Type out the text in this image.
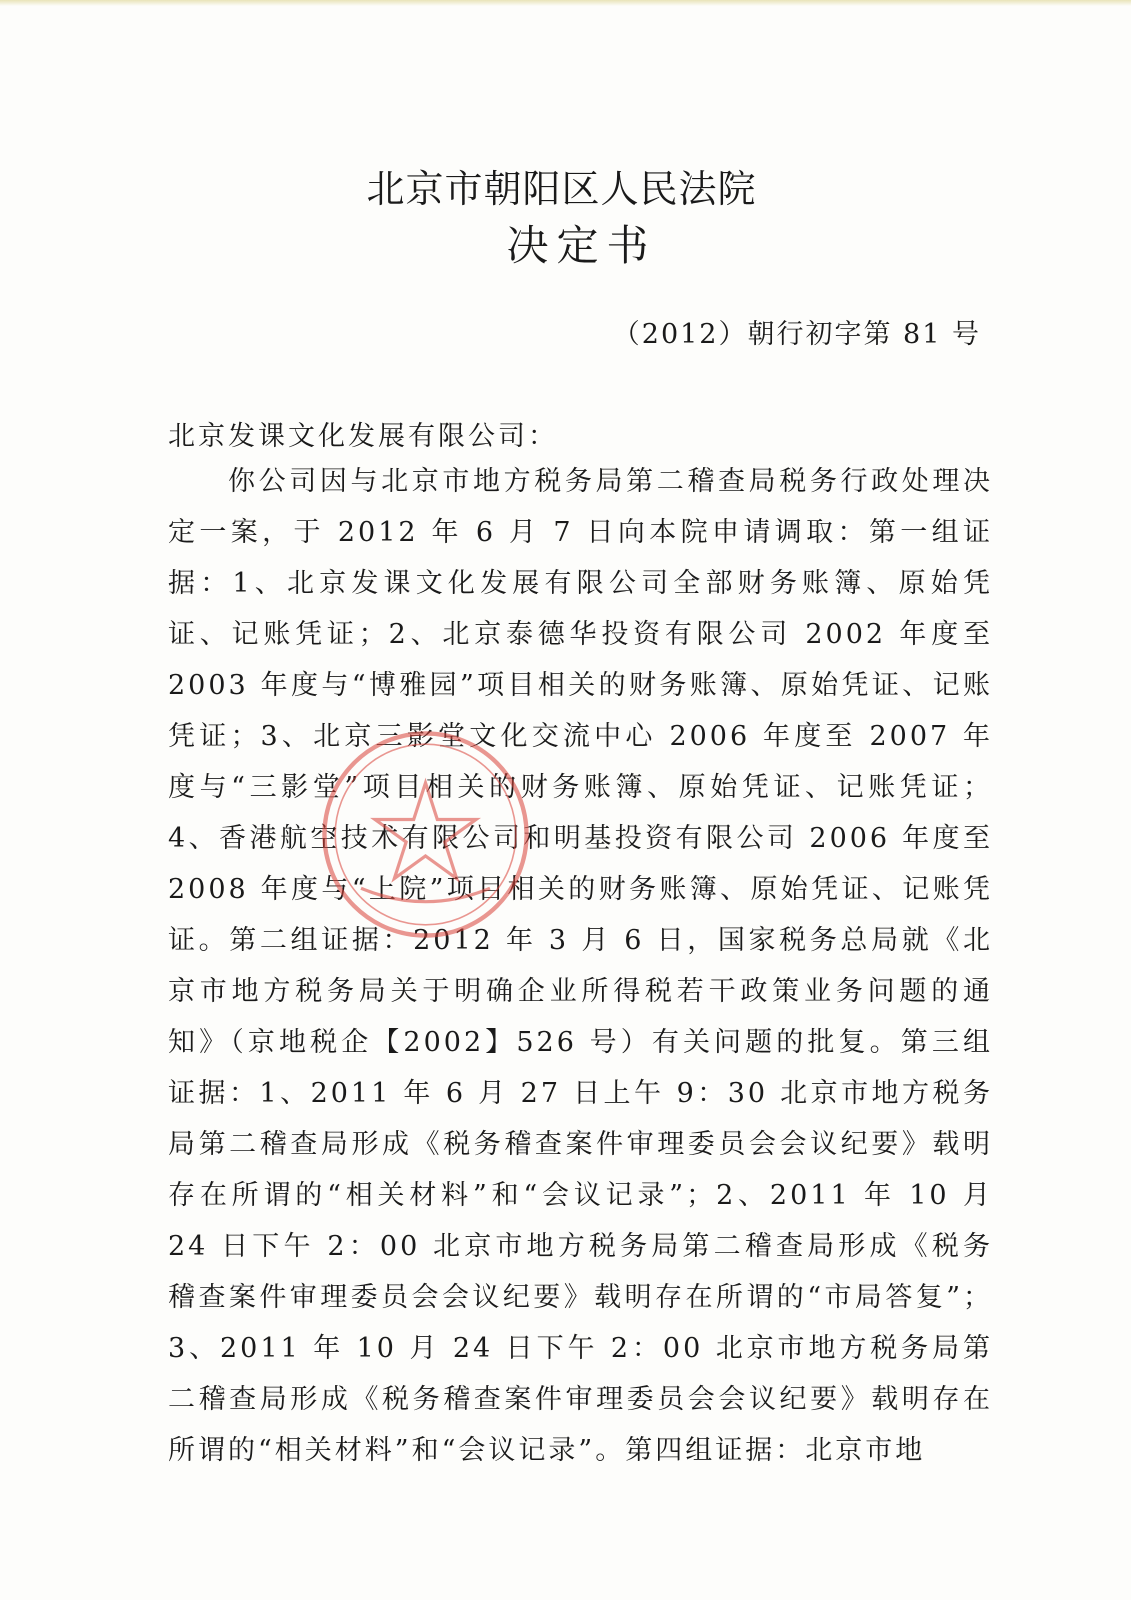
北京市朝阳区人民法院
决定书
（2012）朝行初字第 81 号
北京发课文化发展有限公司：

你公司因与北京市地方税务局第二稽查局税务行政处理决定一案，于 2012 年 6 月 7 日向本院申请调取：第一组证据：1、北京发课文化发展有限公司全部财务账簿、原始凭证、记账凭证；2、北京泰德华投资有限公司 2002 年度至 2003 年度与“博雅园”项目相关的财务账簿、原始凭证、记账凭证；3、北京三影堂文化交流中心 2006 年度至 2007 年度与“三影堂”项目相关的财务账簿、原始凭证、记账凭证；4、香港航空技术有限公司和明基投资有限公司 2006 年度至 2008 年度与“上院”项目相关的财务账簿、原始凭证、记账凭证。第二组证据：2012 年 3 月 6 日，国家税务总局就《北京市地方税务局关于明确企业所得税若干政策业务问题的通知》（京地税企【2002】526 号）有关问题的批复。第三组证据：1、2011 年 6 月 27 日上午 9：30 北京市地方税务局第二稽查局形成《税务稽查案件审理委员会会议纪要》载明存在所谓的“相关材料”和“会议记录”；2、2011 年 10 月 24 日下午 2：00 北京市地方税务局第二稽查局形成《税务稽查案件审理委员会会议纪要》载明存在所谓的“市局答复”；3、2011 年 10 月 24 日下午 2：00 北京市地方税务局第二稽查局形成《税务稽查案件审理委员会会议纪要》载明存在所谓的“相关材料”和“会议记录”。第四组证据：北京市地
